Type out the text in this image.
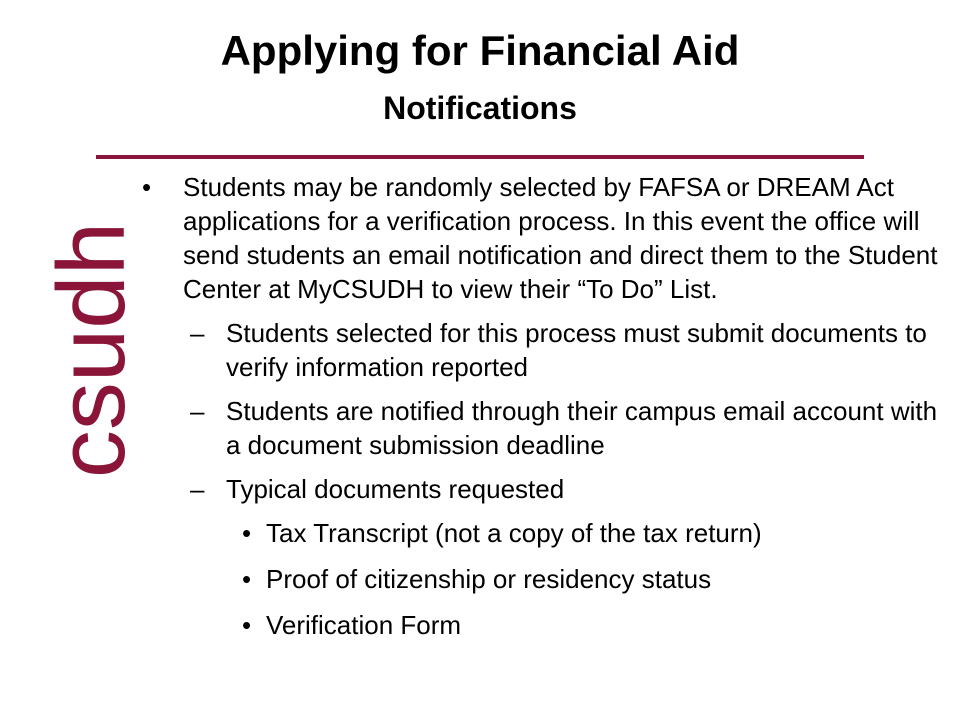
Applying for Financial Aid
Notifications
csudh
• Students may be randomly selected by FAFSA or DREAM Act applications for a verification process. In this event the office will send students an email notification and direct them to the Student Center at MyCSUDH to view their “To Do” List.
– Students selected for this process must submit documents to verify information reported
– Students are notified through their campus email account with a document submission deadline
– Typical documents requested
• Tax Transcript (not a copy of the tax return)
• Proof of citizenship or residency status
• Verification Form
